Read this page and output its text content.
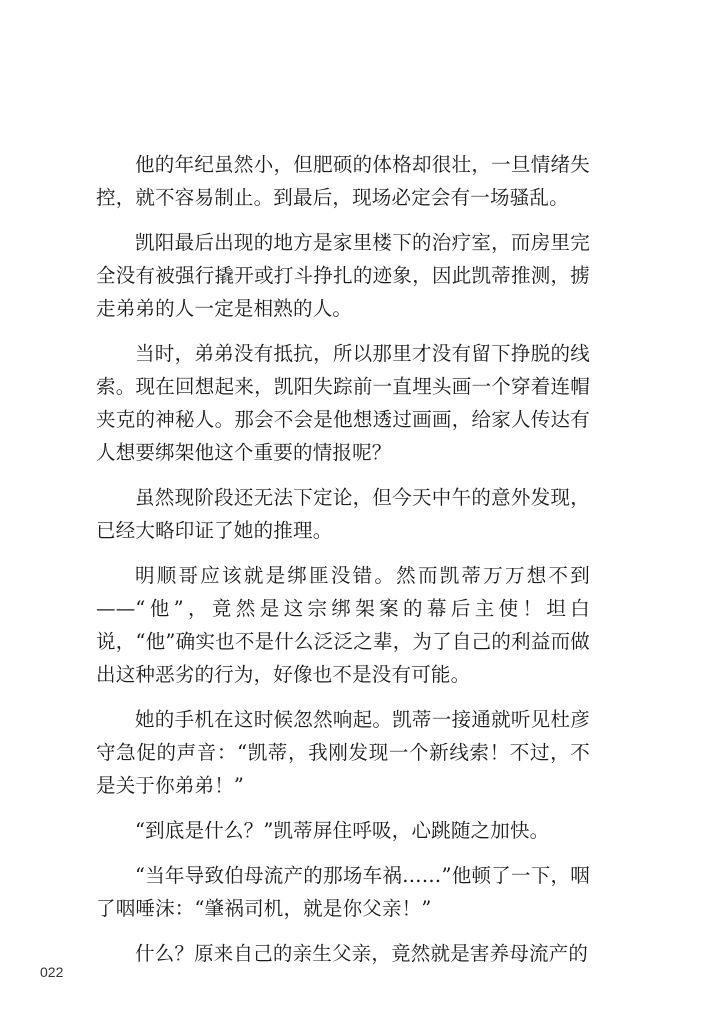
他的年纪虽然小，但肥硕的体格却很壮，一旦情绪失控，就不容易制止。到最后，现场必定会有一场骚乱。

凯阳最后出现的地方是家里楼下的治疗室，而房里完全没有被强行撬开或打斗挣扎的迹象，因此凯蒂推测，掳走弟弟的人一定是相熟的人。

当时，弟弟没有抵抗，所以那里才没有留下挣脱的线索。现在回想起来，凯阳失踪前一直埋头画一个穿着连帽夹克的神秘人。那会不会是他想透过画画，给家人传达有人想要绑架他这个重要的情报呢？

虽然现阶段还无法下定论，但今天中午的意外发现，已经大略印证了她的推理。

明顺哥应该就是绑匪没错。然而凯蒂万万想不到——“他”，竟然是这宗绑架案的幕后主使！坦白说，“他”确实也不是什么泛泛之辈，为了自己的利益而做出这种恶劣的行为，好像也不是没有可能。

她的手机在这时候忽然响起。凯蒂一接通就听见杜彦守急促的声音：“凯蒂，我刚发现一个新线索！不过，不是关于你弟弟！”

“到底是什么？”凯蒂屏住呼吸，心跳随之加快。

“当年导致伯母流产的那场车祸……”他顿了一下，咽了咽唾沫：“肇祸司机，就是你父亲！”

什么？原来自己的亲生父亲，竟然就是害养母流产的

022
